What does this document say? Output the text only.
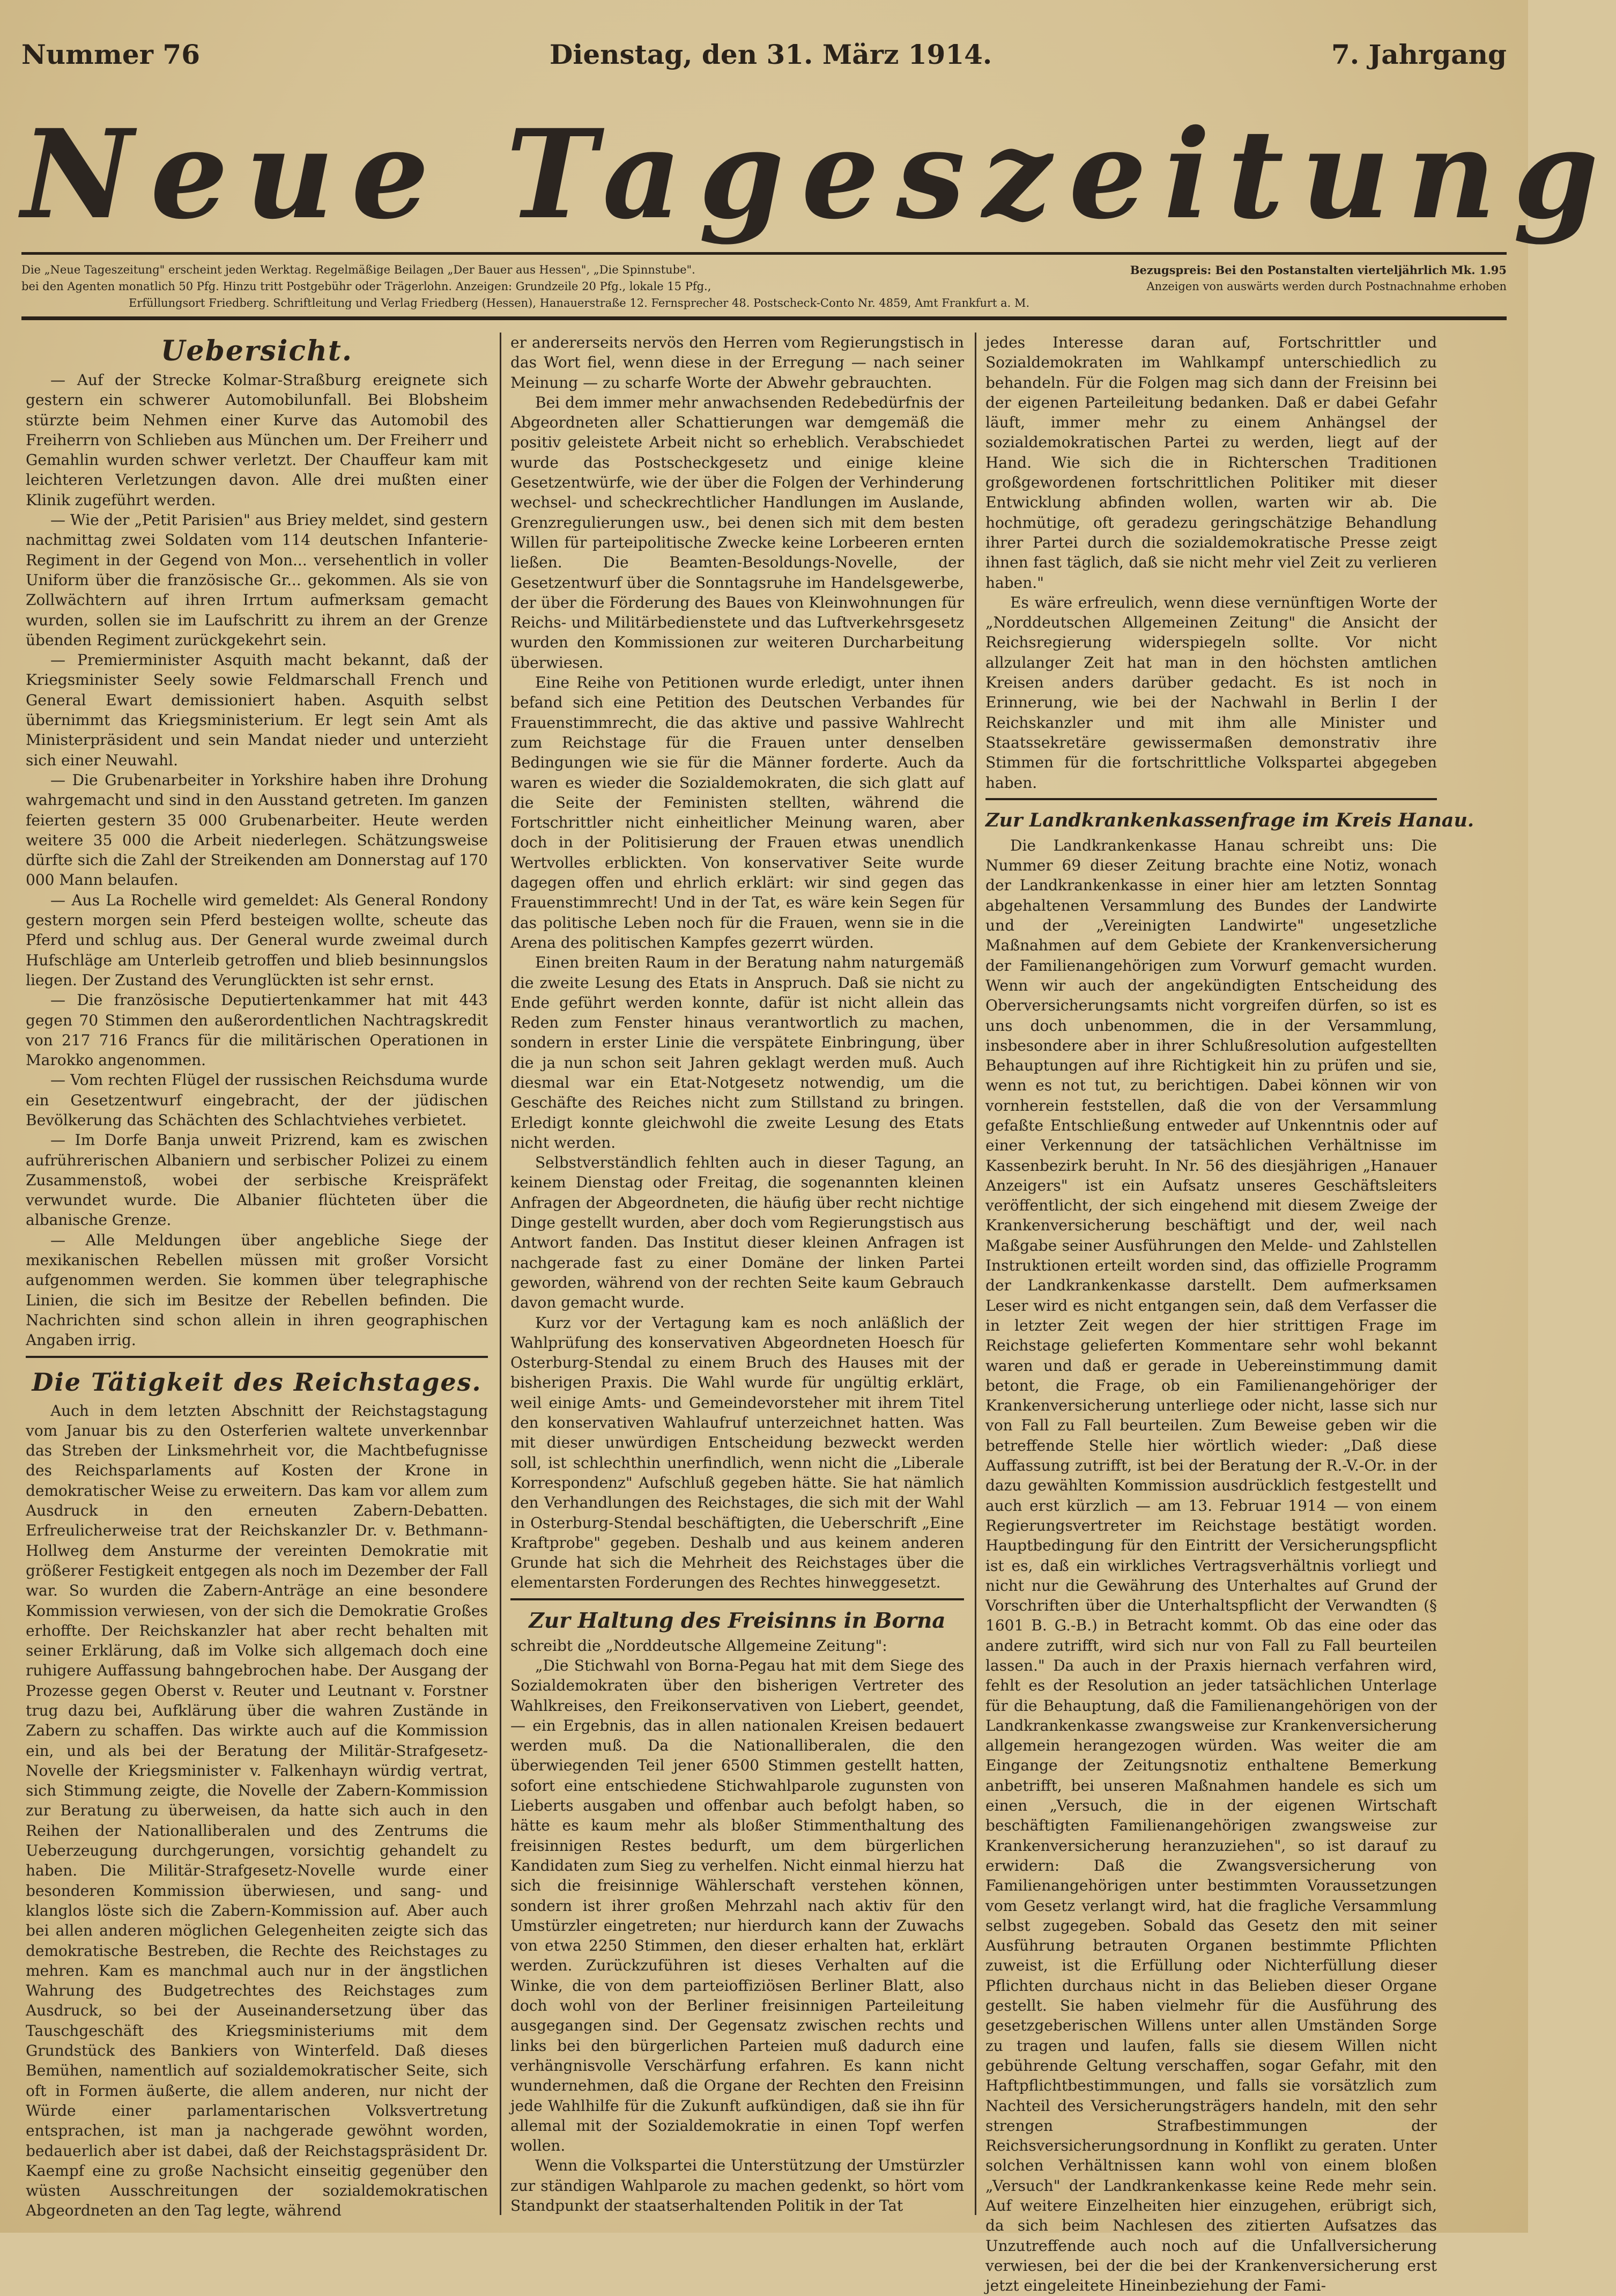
Nummer 76	Dienstag, den 31. März 1914.	7. Jahrgang
Neue Tageszeitung
Die „Neue Tageszeitung" erscheint jeden Werktag. Regelmäßige Beilagen „Der Bauer aus Hessen", „Die Spinnstube".	Bezugspreis: Bei den Postanstalten vierteljährlich Mk. 1.95
bei den Agenten monatlich 50 Pfg. Hinzu tritt Postgebühr oder Trägerlohn. Anzeigen: Grundzeile 20 Pfg., lokale 15 Pfg.,	Anzeigen von auswärts werden durch Postnachnahme erhoben
Erfüllungsort Friedberg. Schriftleitung und Verlag Friedberg (Hessen), Hanauerstraße 12. Fernsprecher 48. Postscheck-Conto Nr. 4859, Amt Frankfurt a. M.
Uebersicht.

— Auf der Strecke Kolmar-Straßburg ereignete sich gestern ein schwerer Automobilunfall. Bei Blobsheim stürzte beim Nehmen einer Kurve das Automobil des Freiherrn von Schlieben aus München um. Der Freiherr und Gemahlin wurden schwer verletzt. Der Chauffeur kam mit leichteren Verletzungen davon. Alle drei mußten einer Klinik zugeführt werden.

— Wie der „Petit Parisien" aus Briey meldet, sind gestern nachmittag zwei Soldaten vom 114 deutschen Infanterie-Regiment in der Gegend von Mon... versehentlich in voller Uniform über die französische Gr... gekommen. Als sie von Zollwächtern auf ihren Irrtum aufmerksam gemacht wurden, sollen sie im Laufschritt zu ihrem an der Grenze übenden Regiment zurückgekehrt sein.

— Premierminister Asquith macht bekannt, daß der Kriegsminister Seely sowie Feldmarschall French und General Ewart demissioniert haben. Asquith selbst übernimmt das Kriegsministerium. Er legt sein Amt als Ministerpräsident und sein Mandat nieder und unterzieht sich einer Neuwahl.

— Die Grubenarbeiter in Yorkshire haben ihre Drohung wahrgemacht und sind in den Ausstand getreten. Im ganzen feierten gestern 35 000 Grubenarbeiter. Heute werden weitere 35 000 die Arbeit niederlegen. Schätzungsweise dürfte sich die Zahl der Streikenden am Donnerstag auf 170 000 Mann belaufen.

— Aus La Rochelle wird gemeldet: Als General Rondony gestern morgen sein Pferd besteigen wollte, scheute das Pferd und schlug aus. Der General wurde zweimal durch Hufschläge am Unterleib getroffen und blieb besinnungslos liegen. Der Zustand des Verunglückten ist sehr ernst.

— Die französische Deputiertenkammer hat mit 443 gegen 70 Stimmen den außerordentlichen Nachtragskredit von 217 716 Francs für die militärischen Operationen in Marokko angenommen.

— Vom rechten Flügel der russischen Reichsduma wurde ein Gesetzentwurf eingebracht, der der jüdischen Bevölkerung das Schächten des Schlachtviehes verbietet.

— Im Dorfe Banja unweit Prizrend, kam es zwischen aufrührerischen Albaniern und serbischer Polizei zu einem Zusammenstoß, wobei der serbische Kreispräfekt verwundet wurde. Die Albanier flüchteten über die albanische Grenze.

— Alle Meldungen über angebliche Siege der mexikanischen Rebellen müssen mit großer Vorsicht aufgenommen werden. Sie kommen über telegraphische Linien, die sich im Besitze der Rebellen befinden. Die Nachrichten sind schon allein in ihren geographischen Angaben irrig.

Die Tätigkeit des Reichstages.

Auch in dem letzten Abschnitt der Reichstagstagung vom Januar bis zu den Osterferien waltete unverkennbar das Streben der Linksmehrheit vor, die Machtbefugnisse des Reichsparlaments auf Kosten der Krone in demokratischer Weise zu erweitern. Das kam vor allem zum Ausdruck in den erneuten Zabern-Debatten. Erfreulicherweise trat der Reichskanzler Dr. v. Bethmann-Hollweg dem Ansturme der vereinten Demokratie mit größerer Festigkeit entgegen als noch im Dezember der Fall war. So wurden die Zabern-Anträge an eine besondere Kommission verwiesen, von der sich die Demokratie Großes erhoffte. Der Reichskanzler hat aber recht behalten mit seiner Erklärung, daß im Volke sich allgemach doch eine ruhigere Auffassung bahngebrochen habe. Der Ausgang der Prozesse gegen Oberst v. Reuter und Leutnant v. Forstner trug dazu bei, Aufklärung über die wahren Zustände in Zabern zu schaffen. Das wirkte auch auf die Kommission ein, und als bei der Beratung der Militär-Strafgesetz-Novelle der Kriegsminister v. Falkenhayn würdig vertrat, sich Stimmung zeigte, die Novelle der Zabern-Kommission zur Beratung zu überweisen, da hatte sich auch in den Reihen der Nationalliberalen und des Zentrums die Ueberzeugung durchgerungen, vorsichtig gehandelt zu haben. Die Militär-Strafgesetz-Novelle wurde einer besonderen Kommission überwiesen, und sang- und klanglos löste sich die Zabern-Kommission auf. Aber auch bei allen anderen möglichen Gelegenheiten zeigte sich das demokratische Bestreben, die Rechte des Reichstages zu mehren. Kam es manchmal auch nur in der ängstlichen Wahrung des Budgetrechtes des Reichstages zum Ausdruck, so bei der Auseinandersetzung über das Tauschgeschäft des Kriegsministeriums mit dem Grundstück des Bankiers von Winterfeld. Daß dieses Bemühen, namentlich auf sozialdemokratischer Seite, sich oft in Formen äußerte, die allem anderen, nur nicht der Würde einer parlamentarischen Volksvertretung entsprachen, ist man ja nachgerade gewöhnt worden, bedauerlich aber ist dabei, daß der Reichstagspräsident Dr. Kaempf eine zu große Nachsicht einseitig gegenüber den wüsten Ausschreitungen der sozialdemokratischen Abgeordneten an den Tag legte, während

er andererseits nervös den Herren vom Regierungstisch in das Wort fiel, wenn diese in der Erregung — nach seiner Meinung — zu scharfe Worte der Abwehr gebrauchten.

Bei dem immer mehr anwachsenden Redebedürfnis der Abgeordneten aller Schattierungen war demgemäß die positiv geleistete Arbeit nicht so erheblich. Verabschiedet wurde das Postscheckgesetz und einige kleine Gesetzentwürfe, wie der über die Folgen der Verhinderung wechsel- und scheckrechtlicher Handlungen im Auslande, Grenzregulierungen usw., bei denen sich mit dem besten Willen für parteipolitische Zwecke keine Lorbeeren ernten ließen. Die Beamten-Besoldungs-Novelle, der Gesetzentwurf über die Sonntagsruhe im Handelsgewerbe, der über die Förderung des Baues von Kleinwohnungen für Reichs- und Militärbedienstete und das Luftverkehrsgesetz wurden den Kommissionen zur weiteren Durcharbeitung überwiesen.

Eine Reihe von Petitionen wurde erledigt, unter ihnen befand sich eine Petition des Deutschen Verbandes für Frauenstimmrecht, die das aktive und passive Wahlrecht zum Reichstage für die Frauen unter denselben Bedingungen wie sie für die Männer forderte. Auch da waren es wieder die Sozialdemokraten, die sich glatt auf die Seite der Feministen stellten, während die Fortschrittler nicht einheitlicher Meinung waren, aber doch in der Politisierung der Frauen etwas unendlich Wertvolles erblickten. Von konservativer Seite wurde dagegen offen und ehrlich erklärt: wir sind gegen das Frauenstimmrecht! Und in der Tat, es wäre kein Segen für das politische Leben noch für die Frauen, wenn sie in die Arena des politischen Kampfes gezerrt würden.

Einen breiten Raum in der Beratung nahm naturgemäß die zweite Lesung des Etats in Anspruch. Daß sie nicht zu Ende geführt werden konnte, dafür ist nicht allein das Reden zum Fenster hinaus verantwortlich zu machen, sondern in erster Linie die verspätete Einbringung, über die ja nun schon seit Jahren geklagt werden muß. Auch diesmal war ein Etat-Notgesetz notwendig, um die Geschäfte des Reiches nicht zum Stillstand zu bringen. Erledigt konnte gleichwohl die zweite Lesung des Etats nicht werden.

Selbstverständlich fehlten auch in dieser Tagung, an keinem Dienstag oder Freitag, die sogenannten kleinen Anfragen der Abgeordneten, die häufig über recht nichtige Dinge gestellt wurden, aber doch vom Regierungstisch aus Antwort fanden. Das Institut dieser kleinen Anfragen ist nachgerade fast zu einer Domäne der linken Partei geworden, während von der rechten Seite kaum Gebrauch davon gemacht wurde.

Kurz vor der Vertagung kam es noch anläßlich der Wahlprüfung des konservativen Abgeordneten Hoesch für Osterburg-Stendal zu einem Bruch des Hauses mit der bisherigen Praxis. Die Wahl wurde für ungültig erklärt, weil einige Amts- und Gemeindevorsteher mit ihrem Titel den konservativen Wahlaufruf unterzeichnet hatten. Was mit dieser unwürdigen Entscheidung bezweckt werden soll, ist schlechthin unerfindlich, wenn nicht die „Liberale Korrespondenz" Aufschluß gegeben hätte. Sie hat nämlich den Verhandlungen des Reichstages, die sich mit der Wahl in Osterburg-Stendal beschäftigten, die Ueberschrift „Eine Kraftprobe" gegeben. Deshalb und aus keinem anderen Grunde hat sich die Mehrheit des Reichstages über die elementarsten Forderungen des Rechtes hinweggesetzt.

Zur Haltung des Freisinns in Borna

schreibt die „Norddeutsche Allgemeine Zeitung":

„Die Stichwahl von Borna-Pegau hat mit dem Siege des Sozialdemokraten über den bisherigen Vertreter des Wahlkreises, den Freikonservativen von Liebert, geendet, — ein Ergebnis, das in allen nationalen Kreisen bedauert werden muß. Da die Nationalliberalen, die den überwiegenden Teil jener 6500 Stimmen gestellt hatten, sofort eine entschiedene Stichwahlparole zugunsten von Lieberts ausgaben und offenbar auch befolgt haben, so hätte es kaum mehr als bloßer Stimmenthaltung des freisinnigen Restes bedurft, um dem bürgerlichen Kandidaten zum Sieg zu verhelfen. Nicht einmal hierzu hat sich die freisinnige Wählerschaft verstehen können, sondern ist ihrer großen Mehrzahl nach aktiv für den Umstürzler eingetreten; nur hierdurch kann der Zuwachs von etwa 2250 Stimmen, den dieser erhalten hat, erklärt werden. Zurückzuführen ist dieses Verhalten auf die Winke, die von dem parteioffiziösen Berliner Blatt, also doch wohl von der Berliner freisinnigen Parteileitung ausgegangen sind. Der Gegensatz zwischen rechts und links bei den bürgerlichen Parteien muß dadurch eine verhängnisvolle Verschärfung erfahren. Es kann nicht wundernehmen, daß die Organe der Rechten den Freisinn jede Wahlhilfe für die Zukunft aufkündigen, daß sie ihn für allemal mit der Sozialdemokratie in einen Topf werfen wollen.

Wenn die Volkspartei die Unterstützung der Umstürzler zur ständigen Wahlparole zu machen gedenkt, so hört vom Standpunkt der staatserhaltenden Politik in der Tat

jedes Interesse daran auf, Fortschrittler und Sozialdemokraten im Wahlkampf unterschiedlich zu behandeln. Für die Folgen mag sich dann der Freisinn bei der eigenen Parteileitung bedanken. Daß er dabei Gefahr läuft, immer mehr zu einem Anhängsel der sozialdemokratischen Partei zu werden, liegt auf der Hand. Wie sich die in Richterschen Traditionen großgewordenen fortschrittlichen Politiker mit dieser Entwicklung abfinden wollen, warten wir ab. Die hochmütige, oft geradezu geringschätzige Behandlung ihrer Partei durch die sozialdemokratische Presse zeigt ihnen fast täglich, daß sie nicht mehr viel Zeit zu verlieren haben."

Es wäre erfreulich, wenn diese vernünftigen Worte der „Norddeutschen Allgemeinen Zeitung" die Ansicht der Reichsregierung widerspiegeln sollte. Vor nicht allzulanger Zeit hat man in den höchsten amtlichen Kreisen anders darüber gedacht. Es ist noch in Erinnerung, wie bei der Nachwahl in Berlin I der Reichskanzler und mit ihm alle Minister und Staatssekretäre gewissermaßen demonstrativ ihre Stimmen für die fortschrittliche Volkspartei abgegeben haben.

Zur Landkrankenkassenfrage im Kreis Hanau.

Die Landkrankenkasse Hanau schreibt uns: Die Nummer 69 dieser Zeitung brachte eine Notiz, wonach der Landkrankenkasse in einer hier am letzten Sonntag abgehaltenen Versammlung des Bundes der Landwirte und der „Vereinigten Landwirte" ungesetzliche Maßnahmen auf dem Gebiete der Krankenversicherung der Familienangehörigen zum Vorwurf gemacht wurden. Wenn wir auch der angekündigten Entscheidung des Oberversicherungsamts nicht vorgreifen dürfen, so ist es uns doch unbenommen, die in der Versammlung, insbesondere aber in ihrer Schlußresolution aufgestellten Behauptungen auf ihre Richtigkeit hin zu prüfen und sie, wenn es not tut, zu berichtigen. Dabei können wir von vornherein feststellen, daß die von der Versammlung gefaßte Entschließung entweder auf Unkenntnis oder auf einer Verkennung der tatsächlichen Verhältnisse im Kassenbezirk beruht. In Nr. 56 des diesjährigen „Hanauer Anzeigers" ist ein Aufsatz unseres Geschäftsleiters veröffentlicht, der sich eingehend mit diesem Zweige der Krankenversicherung beschäftigt und der, weil nach Maßgabe seiner Ausführungen den Melde- und Zahlstellen Instruktionen erteilt worden sind, das offizielle Programm der Landkrankenkasse darstellt. Dem aufmerksamen Leser wird es nicht entgangen sein, daß dem Verfasser die in letzter Zeit wegen der hier strittigen Frage im Reichstage gelieferten Kommentare sehr wohl bekannt waren und daß er gerade in Uebereinstimmung damit betont, die Frage, ob ein Familienangehöriger der Krankenversicherung unterliege oder nicht, lasse sich nur von Fall zu Fall beurteilen. Zum Beweise geben wir die betreffende Stelle hier wörtlich wieder: „Daß diese Auffassung zutrifft, ist bei der Beratung der R.-V.-Or. in der dazu gewählten Kommission ausdrücklich festgestellt und auch erst kürzlich — am 13. Februar 1914 — von einem Regierungsvertreter im Reichstage bestätigt worden. Hauptbedingung für den Eintritt der Versicherungspflicht ist es, daß ein wirkliches Vertragsverhältnis vorliegt und nicht nur die Gewährung des Unterhaltes auf Grund der Vorschriften über die Unterhaltspflicht der Verwandten (§ 1601 B. G.-B.) in Betracht kommt. Ob das eine oder das andere zutrifft, wird sich nur von Fall zu Fall beurteilen lassen." Da auch in der Praxis hiernach verfahren wird, fehlt es der Resolution an jeder tatsächlichen Unterlage für die Behauptung, daß die Familienangehörigen von der Landkrankenkasse zwangsweise zur Krankenversicherung allgemein herangezogen würden. Was weiter die am Eingange der Zeitungsnotiz enthaltene Bemerkung anbetrifft, bei unseren Maßnahmen handele es sich um einen „Versuch, die in der eigenen Wirtschaft beschäftigten Familienangehörigen zwangsweise zur Krankenversicherung heranzuziehen", so ist darauf zu erwidern: Daß die Zwangsversicherung von Familienangehörigen unter bestimmten Voraussetzungen vom Gesetz verlangt wird, hat die fragliche Versammlung selbst zugegeben. Sobald das Gesetz den mit seiner Ausführung betrauten Organen bestimmte Pflichten zuweist, ist die Erfüllung oder Nichterfüllung dieser Pflichten durchaus nicht in das Belieben dieser Organe gestellt. Sie haben vielmehr für die Ausführung des gesetzgeberischen Willens unter allen Umständen Sorge zu tragen und laufen, falls sie diesem Willen nicht gebührende Geltung verschaffen, sogar Gefahr, mit den Haftpflichtbestimmungen, und falls sie vorsätzlich zum Nachteil des Versicherungsträgers handeln, mit den sehr strengen Strafbestimmungen der Reichsversicherungsordnung in Konflikt zu geraten. Unter solchen Verhältnissen kann wohl von einem bloßen „Versuch" der Landkrankenkasse keine Rede mehr sein. Auf weitere Einzelheiten hier einzugehen, erübrigt sich, da sich beim Nachlesen des zitierten Aufsatzes das Unzutreffende auch noch auf die Unfallversicherung verwiesen, bei der die bei der Krankenversicherung erst jetzt eingeleitete Hineinbeziehung der Fami-
